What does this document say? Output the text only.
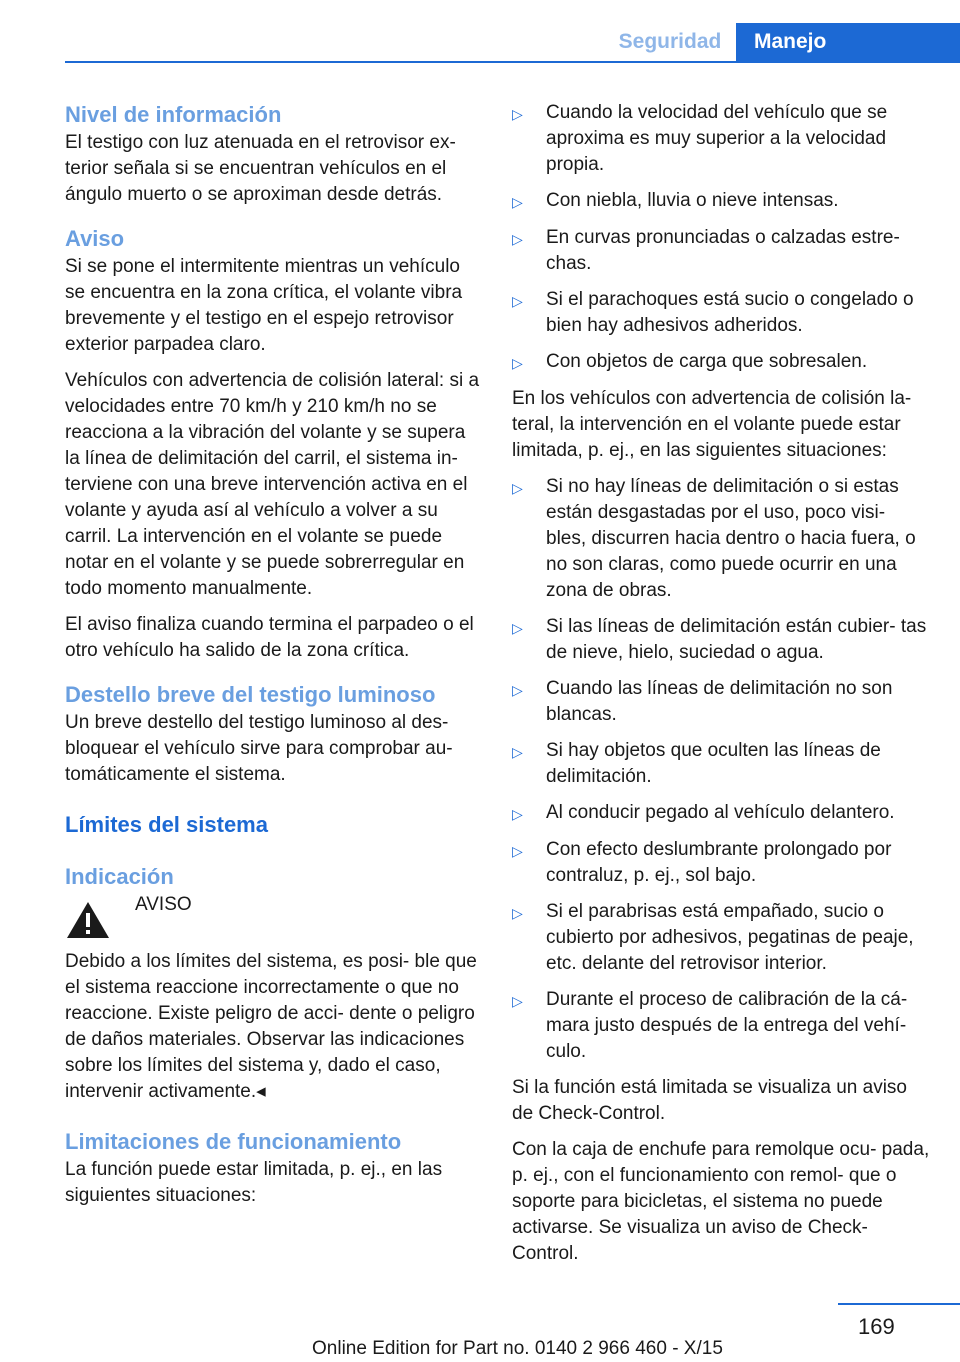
Seguridad	Manejo
Nivel de información

El testigo con luz atenuada en el retrovisor ex- terior señala si se encuentran vehículos en el ángulo muerto o se aproximan desde detrás.

Aviso

Si se pone el intermitente mientras un vehículo se encuentra en la zona crítica, el volante vibra brevemente y el testigo en el espejo retrovisor exterior parpadea claro.

Vehículos con advertencia de colisión lateral: si a velocidades entre 70 km/h y 210 km/h no se reacciona a la vibración del volante y se supera la línea de delimitación del carril, el sistema in- terviene con una breve intervención activa en el volante y ayuda así al vehículo a volver a su carril. La intervención en el volante se puede notar en el volante y se puede sobrerregular en todo momento manualmente.

El aviso finaliza cuando termina el parpadeo o el otro vehículo ha salido de la zona crítica.

Destello breve del testigo luminoso

Un breve destello del testigo luminoso al des- bloquear el vehículo sirve para comprobar au- tomáticamente el sistema.

Límites del sistema
Indicación

AVISO

Debido a los límites del sistema, es posi- ble que el sistema reaccione incorrectamente o que no reaccione. Existe peligro de acci- dente o peligro de daños materiales. Observar las indicaciones sobre los límites del sistema y, dado el caso, intervenir activamente.◂

Limitaciones de funcionamiento

La función puede estar limitada, p. ej., en las siguientes situaciones:

▷	Cuando la velocidad del vehículo que se aproxima es muy superior a la velocidad propia.
▷	Con niebla, lluvia o nieve intensas.
▷	En curvas pronunciadas o calzadas estre- chas.
▷	Si el parachoques está sucio o congelado o bien hay adhesivos adheridos.
▷	Con objetos de carga que sobresalen.

En los vehículos con advertencia de colisión la- teral, la intervención en el volante puede estar limitada, p. ej., en las siguientes situaciones:

▷	Si no hay líneas de delimitación o si estas están desgastadas por el uso, poco visi- bles, discurren hacia dentro o hacia fuera, o no son claras, como puede ocurrir en una zona de obras.
▷	Si las líneas de delimitación están cubier- tas de nieve, hielo, suciedad o agua.
▷	Cuando las líneas de delimitación no son blancas.
▷	Si hay objetos que oculten las líneas de delimitación.
▷	Al conducir pegado al vehículo delantero.
▷	Con efecto deslumbrante prolongado por contraluz, p. ej., sol bajo.
▷	Si el parabrisas está empañado, sucio o cubierto por adhesivos, pegatinas de peaje, etc. delante del retrovisor interior.
▷	Durante el proceso de calibración de la cá- mara justo después de la entrega del vehí- culo.

Si la función está limitada se visualiza un aviso de Check-Control.

Con la caja de enchufe para remolque ocu- pada, p. ej., con el funcionamiento con remol- que o soporte para bicicletas, el sistema no puede activarse. Se visualiza un aviso de Check-Control.

169
Online Edition for Part no. 0140 2 966 460 - X/15
